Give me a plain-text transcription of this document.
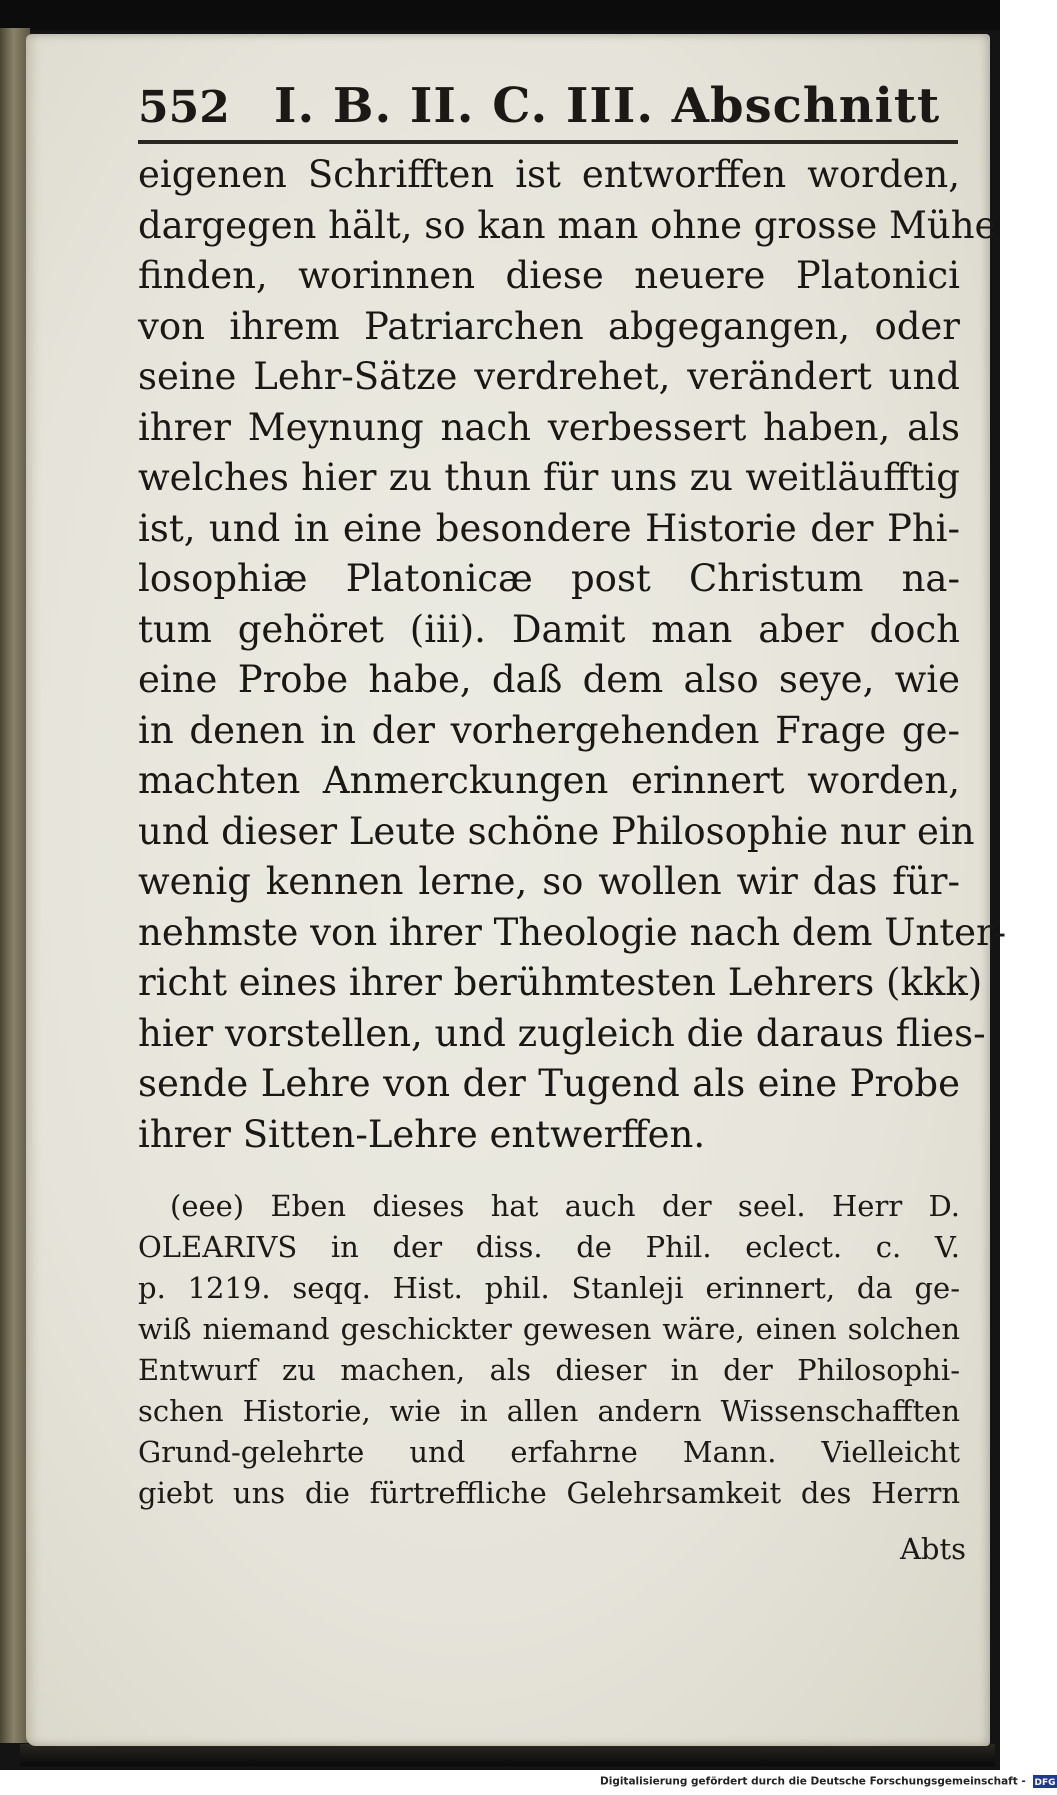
552 I. B. II. C. III. Abschnitt
eigenen Schrifften ist entworffen worden,
dargegen hält, so kan man ohne grosse Mühe
finden, worinnen diese neuere Platonici
von ihrem Patriarchen abgegangen, oder
seine Lehr-Sätze verdrehet, verändert und
ihrer Meynung nach verbessert haben, als
welches hier zu thun für uns zu weitläufftig
ist, und in eine besondere Historie der Phi-
losophiæ Platonicæ post Christum na-
tum gehöret (iii). Damit man aber doch
eine Probe habe, daß dem also seye, wie
in denen in der vorhergehenden Frage ge-
machten Anmerckungen erinnert worden,
und dieser Leute schöne Philosophie nur ein
wenig kennen lerne, so wollen wir das für-
nehmste von ihrer Theologie nach dem Unter-
richt eines ihrer berühmtesten Lehrers (kkk)
hier vorstellen, und zugleich die daraus flies-
sende Lehre von der Tugend als eine Probe
ihrer Sitten-Lehre entwerffen.
(eee) Eben dieses hat auch der seel. Herr D.
OLEARIVS in der diss. de Phil. eclect. c. V.
p. 1219. seqq. Hist. phil. Stanleji erinnert, da ge-
wiß niemand geschickter gewesen wäre, einen solchen
Entwurf zu machen, als dieser in der Philosophi-
schen Historie, wie in allen andern Wissenschafften
Grund-gelehrte und erfahrne Mann. Vielleicht
giebt uns die fürtreffliche Gelehrsamkeit des Herrn
Abts
Digitalisierung gefördert durch die Deutsche Forschungsgemeinschaft - DFG
